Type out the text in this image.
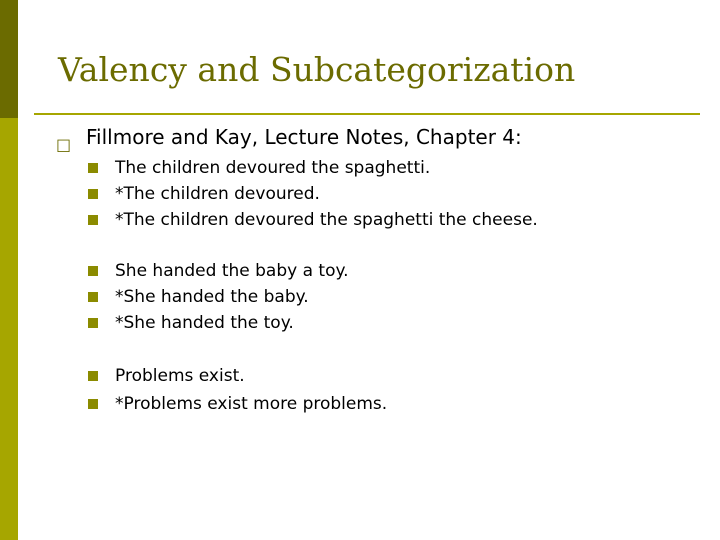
Valency and Subcategorization
□ Fillmore and Kay, Lecture Notes, Chapter 4:
The children devoured the spaghetti.
*The children devoured.
*The children devoured the spaghetti the cheese.
She handed the baby a toy.
*She handed the baby.
*She handed the toy.
Problems exist.
*Problems exist more problems.
